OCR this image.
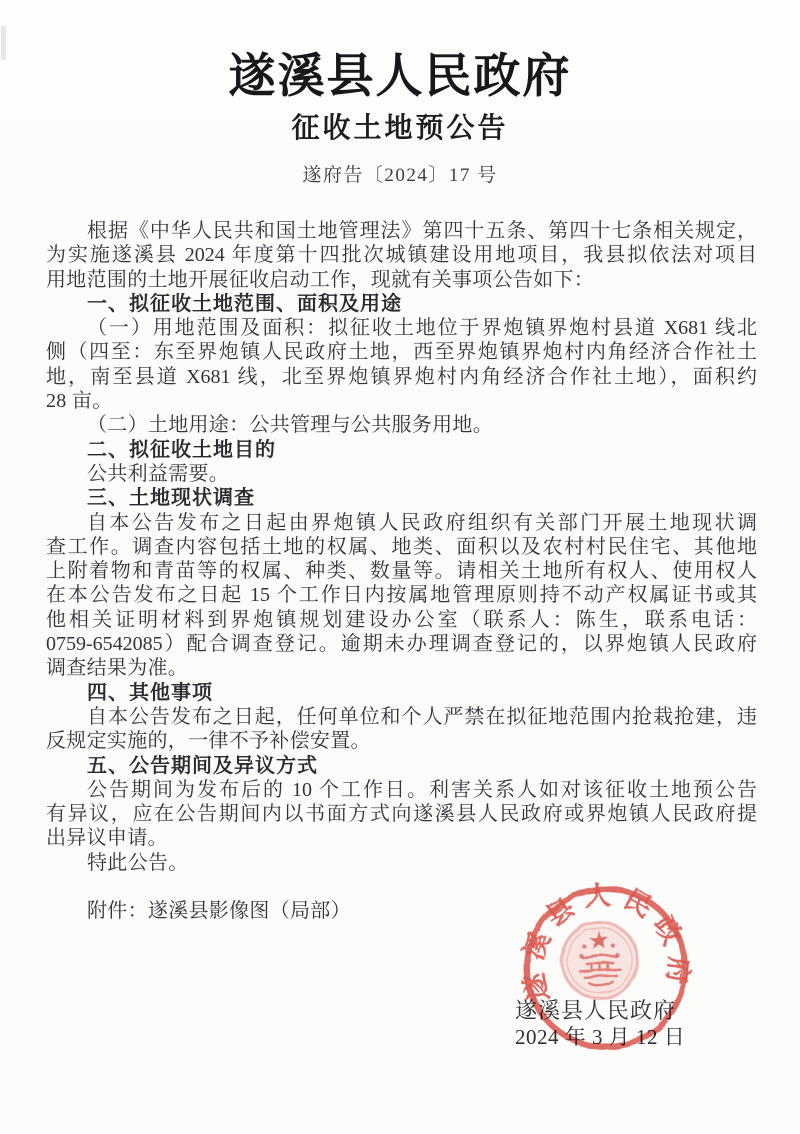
遂溪县人民政府
征收土地预公告
遂府告〔2024〕17 号
根据《中华人民共和国土地管理法》第四十五条、第四十七条相关规定，
为实施遂溪县 2024 年度第十四批次城镇建设用地项目，我县拟依法对项目
用地范围的土地开展征收启动工作，现就有关事项公告如下：
一、拟征收土地范围、面积及用途
（一）用地范围及面积：拟征收土地位于界炮镇界炮村县道 X681 线北
侧（四至：东至界炮镇人民政府土地，西至界炮镇界炮村内角经济合作社土
地，南至县道 X681 线，北至界炮镇界炮村内角经济合作社土地），面积约
28 亩。
（二）土地用途：公共管理与公共服务用地。
二、拟征收土地目的
公共利益需要。
三、土地现状调查
自本公告发布之日起由界炮镇人民政府组织有关部门开展土地现状调
查工作。调查内容包括土地的权属、地类、面积以及农村村民住宅、其他地
上附着物和青苗等的权属、种类、数量等。请相关土地所有权人、使用权人
在本公告发布之日起 15 个工作日内按属地管理原则持不动产权属证书或其
他相关证明材料到界炮镇规划建设办公室（联系人：陈生，联系电话：
0759-6542085）配合调查登记。逾期未办理调查登记的，以界炮镇人民政府
调查结果为准。
四、其他事项
自本公告发布之日起，任何单位和个人严禁在拟征地范围内抢栽抢建，违
反规定实施的，一律不予补偿安置。
五、公告期间及异议方式
公告期间为发布后的 10 个工作日。利害关系人如对该征收土地预公告
有异议，应在公告期间内以书面方式向遂溪县人民政府或界炮镇人民政府提
出异议申请。
特此公告。
附件：遂溪县影像图（局部）
遂溪县人民政府
2024 年 3 月 12 日
遂溪县人民政府
